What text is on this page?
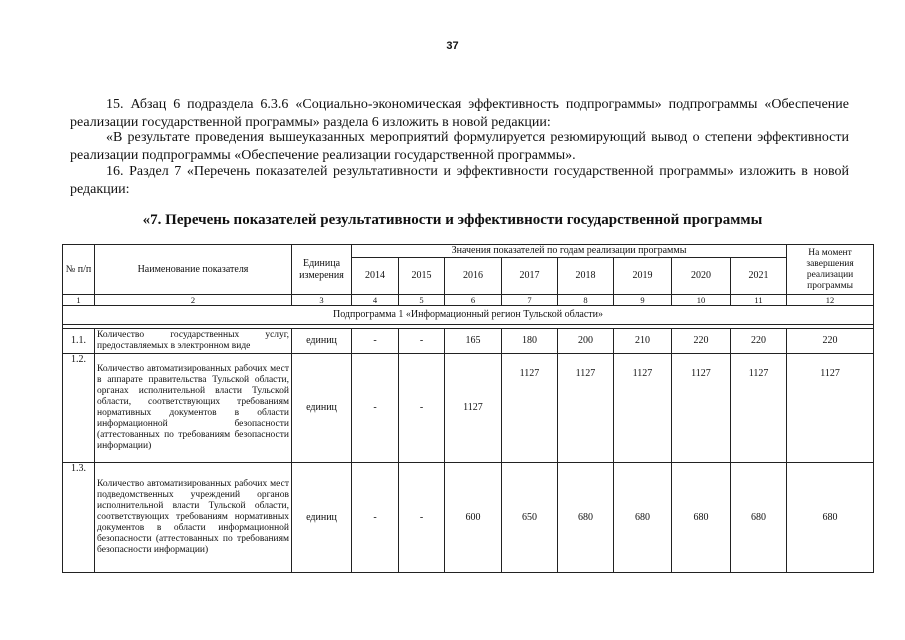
37

15. Абзац 6 подраздела 6.3.6 «Социально-экономическая эффективность подпрограммы» подпрограммы «Обеспечение реализации государственной программы» раздела 6 изложить в новой редакции:

«В результате проведения вышеуказанных мероприятий формулируется резюмирующий вывод о степени эффективности реализации подпрограммы «Обеспечение реализации государственной программы».

16. Раздел 7 «Перечень показателей результативности и эффективности государственной программы» изложить в новой редакции:

«7. Перечень показателей результативности и эффективности государственной программы
№ п/п	Наименование показателя	Единица измерения	Значения показателей по годам реализации программы								На момент завершения реализации программы
			2014	2015	2016	2017	2018	2019	2020	2021	
1	2	3	4	5	6	7	8	9	10	11	12
Подпрограмма 1 «Информационный регион Тульской области»											

1.1.	Количество государственных услуг, предоставляемых в электронном виде	единиц	-	-	165	180	200	210	220	220	220
1.2.	Количество автоматизированных рабочих мест в аппарате правительства Тульской области, органах исполнительной власти Тульской области, соответствующих требованиям нормативных документов в области информационной безопасности (аттестованных по требованиям безопасности информации)	единиц	-	-	1127	1127	1127	1127	1127	1127	1127
1.3.	Количество автоматизированных рабочих мест подведомственных учреждений органов исполнительной власти Тульской области, соответствующих требованиям нормативных документов в области информационной безопасности (аттестованных по требованиям безопасности информации)	единиц	-	-	600	650	680	680	680	680	680
